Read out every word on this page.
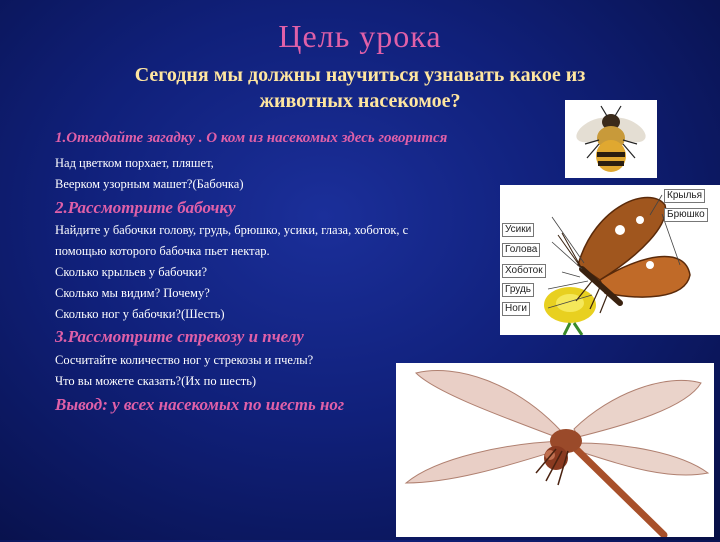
Цель урока
Сегодня мы должны научиться узнавать какое из
животных насекомое?
1.Отгадайте загадку . О ком из насекомых здесь говорится
Над цветком порхает, пляшет,
Веерком узорным машет?(Бабочка)
2.Рассмотрите бабочку
Найдите у бабочки голову, грудь, брюшко, усики, глаза, хоботок, с
помощью которого бабочка пьет нектар.
Сколько крыльев у бабочки?
Сколько мы видим? Почему?
Сколько ног у бабочки?(Шесть)
3.Рассмотрите стрекозу и пчелу
Сосчитайте количество ног у стрекозы и пчелы?
Что вы можете сказать?(Их по шесть)
Вывод: у всех насекомых по шесть ног
Крылья
Брюшко
Усики
Голова
Хоботок
Грудь
Ноги
